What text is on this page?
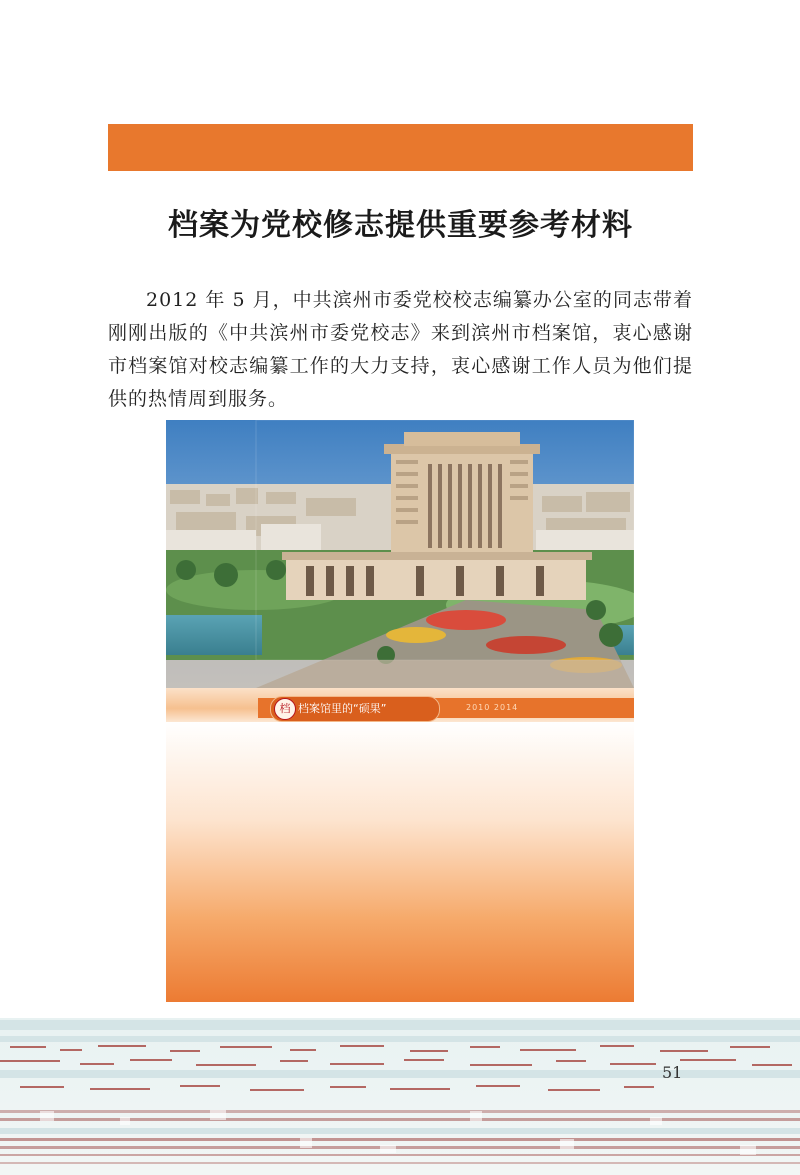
档案为党校修志提供重要参考材料

2012 年 5 月，中共滨州市委党校校志编纂办公室的同志带着刚刚出版的《中共滨州市委党校志》来到滨州市档案馆，衷心感谢市档案馆对校志编纂工作的大力支持，衷心感谢工作人员为他们提供的热情周到服务。

档 档案馆里的“硕果”	2010 2014
51
